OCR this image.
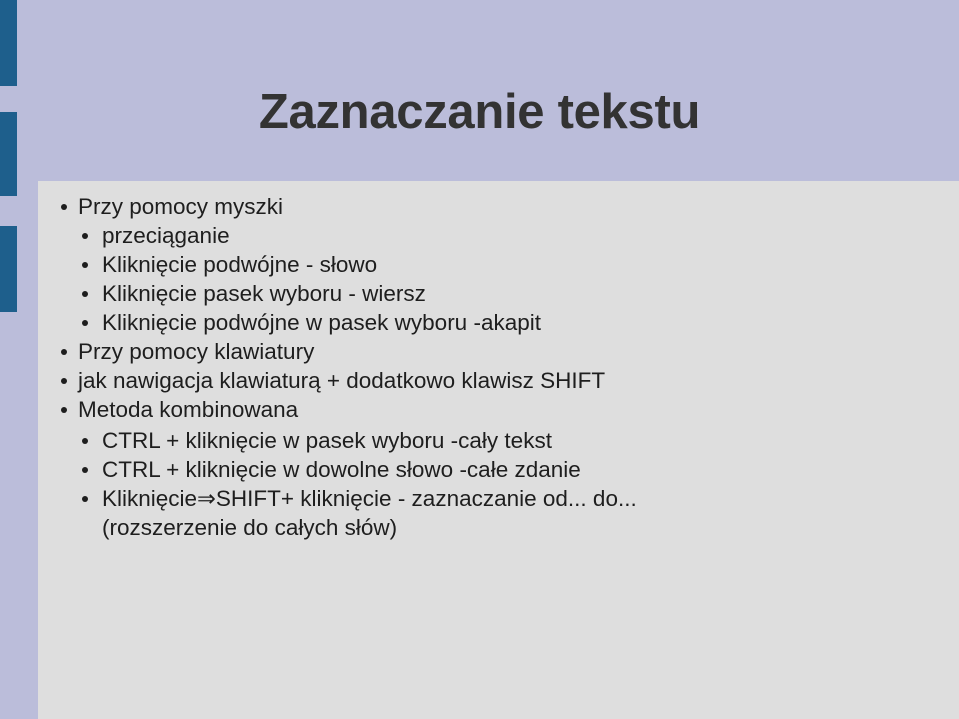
Zaznaczanie tekstu
Przy pomocy myszki
przeciąganie
Kliknięcie podwójne - słowo
Kliknięcie pasek wyboru - wiersz
Kliknięcie podwójne w pasek wyboru -akapit
Przy pomocy klawiatury
jak nawigacja klawiaturą + dodatkowo klawisz SHIFT
Metoda kombinowana
CTRL + kliknięcie w pasek wyboru -cały tekst
CTRL + kliknięcie w dowolne słowo -całe zdanie
Kliknięcie⇒SHIFT+ kliknięcie - zaznaczanie od... do...
(rozszerzenie do całych słów)
